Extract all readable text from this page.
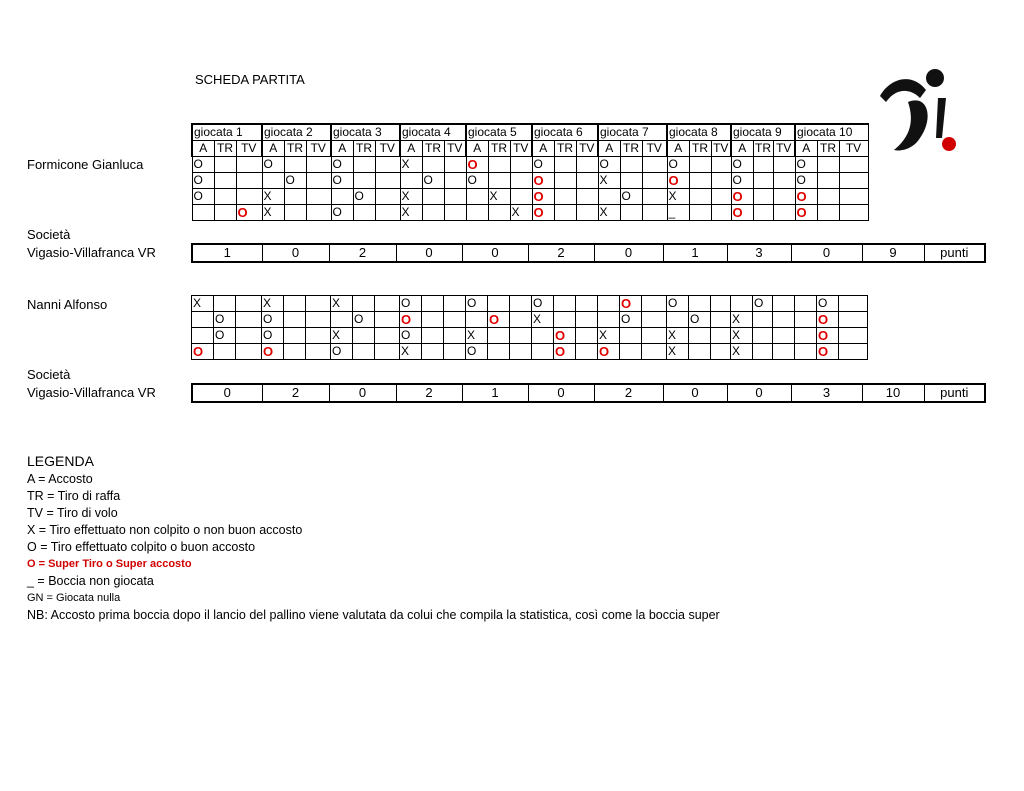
SCHEDA PARTITA
Formicone Gianluca
Società
Vigasio-Villafranca VR
giocata 1			giocata 2			giocata 3			giocata 4			giocata 5			giocata 6			giocata 7			giocata 8			giocata 9			giocata 10		
A	TR	TV	A	TR	TV	A	TR	TV	A	TR	TV	A	TR	TV	A	TR	TV	A	TR	TV	A	TR	TV	A	TR	TV	A	TR	TV
O			O			O			X			O			O			O			O			O			O		
O				O		O				O		O			O			X			O			O			O		
O			X				O		X				X		O				O		X			O			O		
		O	X			O			X					X	O			X			_			O			O		
1	0	2	0	0	2	0	1	3	0	9	punti
Nanni Alfonso
Società
Vigasio-Villafranca VR
X			X			X			O			O			O				O		O				O			O	
	O		O				O		O				O		X				O			O		X				O	
	O		O			X			O			X				O		X			X			X				O	
O			O			O			X			O				O		O			X			X				O	
0	2	0	2	1	0	2	0	0	3	10	punti
LEGENDA
A = Accosto
TR = Tiro di raffa
TV = Tiro di volo
X = Tiro effettuato non colpito o non buon accosto
O = Tiro effettuato colpito o buon accosto
O = Super Tiro o Super accosto
_ = Boccia non giocata
GN = Giocata nulla
NB: Accosto prima boccia dopo il lancio del pallino viene valutata da colui che compila la statistica, così come la boccia super
